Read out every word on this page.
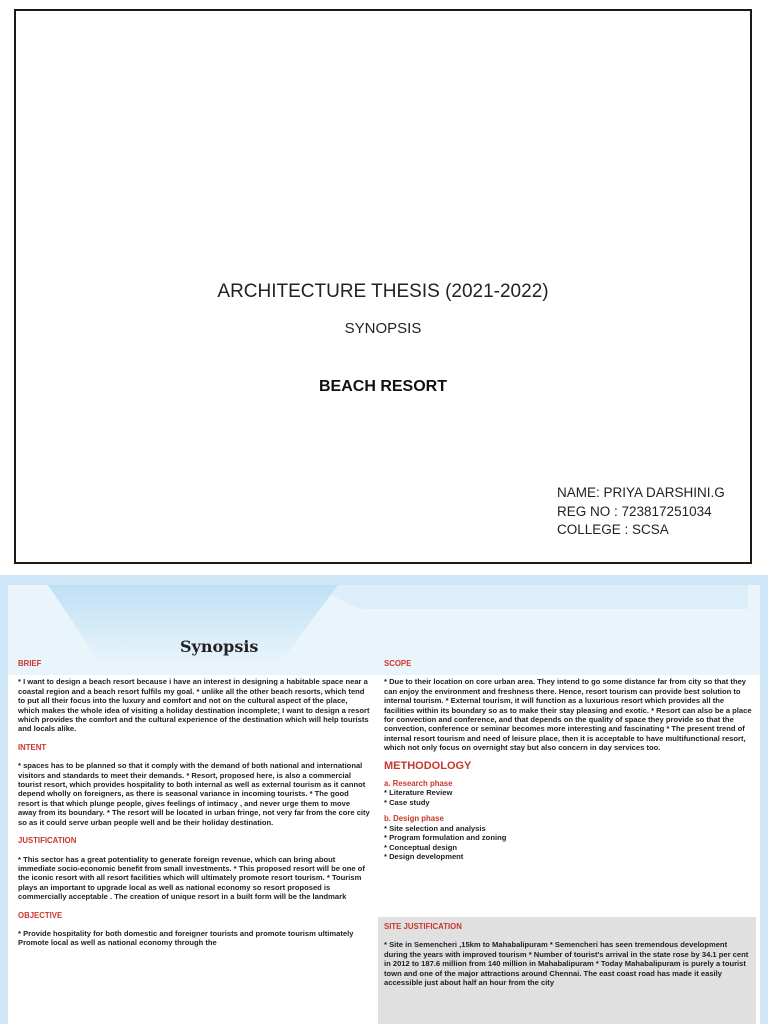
ARCHITECTURE THESIS (2021-2022)
SYNOPSIS
BEACH RESORT
NAME: PRIYA DARSHINI.G
REG NO : 723817251034
COLLEGE : SCSA
Synopsis
BRIEF
* I want to design a beach resort because i have an interest in designing a habitable space near a coastal region and a beach resort fulfils my goal. * unlike all the other beach resorts, which tend to put all their focus into the luxury and comfort and not on the cultural aspect of the place, which makes the whole idea of visiting a holiday destination incomplete; I want to design a resort which provides the comfort and the cultural experience of the destination which will help tourists and locals alike.
INTENT
* spaces has to be planned so that it comply with the demand of both national and international visitors and standards to meet their demands. * Resort, proposed here, is also a commercial tourist resort, which provides hospitality to both internal as well as external tourism as it cannot depend wholly on foreigners, as there is seasonal variance in incoming tourists. * The good resort is that which plunge people, gives feelings of intimacy , and never urge them to move away from its boundary. * The resort will be located in urban fringe, not very far from the core city so as it could serve urban people well and be their holiday destination.
JUSTIFICATION
* This sector has a great potentiality to generate foreign revenue, which can bring about immediate socio-economic benefit from small investments. * This proposed resort will be one of the iconic resort with all resort facilities which will ultimately promote resort tourism. * Tourism plays an important to upgrade local as well as national economy so resort proposed is commercially acceptable . The creation of unique resort in a built form will be the landmark
OBJECTIVE
* Provide hospitality for both domestic and foreigner tourists and promote tourism ultimately Promote local as well as national economy through the
SCOPE
* Due to their location on core urban area. They intend to go some distance far from city so that they can enjoy the environment and freshness there. Hence, resort tourism can provide best solution to internal tourism. * External tourism, it will function as a luxurious resort which provides all the facilities within its boundary so as to make their stay pleasing and exotic. * Resort can also be a place for convection and conference, and that depends on the quality of space they provide so that the convection, conference or seminar becomes more interesting and fascinating * The present trend of internal resort tourism and need of leisure place, then it is acceptable to have multifunctional resort, which not only focus on overnight stay but also concern in day services too.
METHODOLOGY
a. Research phase
* Literature Review
* Case study
b. Design phase
* Site selection and analysis
* Program formulation and zoning
* Conceptual design
* Design development
SITE JUSTIFICATION
* Site in Semencheri ,15km to Mahabalipuram * Semencheri has seen tremendous development during the years with improved tourism * Number of tourist's arrival in the state rose by 34.1 per cent in 2012 to 187.6 million from 140 million in Mahabalipuram * Today Mahabalipuram is purely a tourist town and one of the major attractions around Chennai. The east coast road has made it easily accessible just about half an hour from the city
